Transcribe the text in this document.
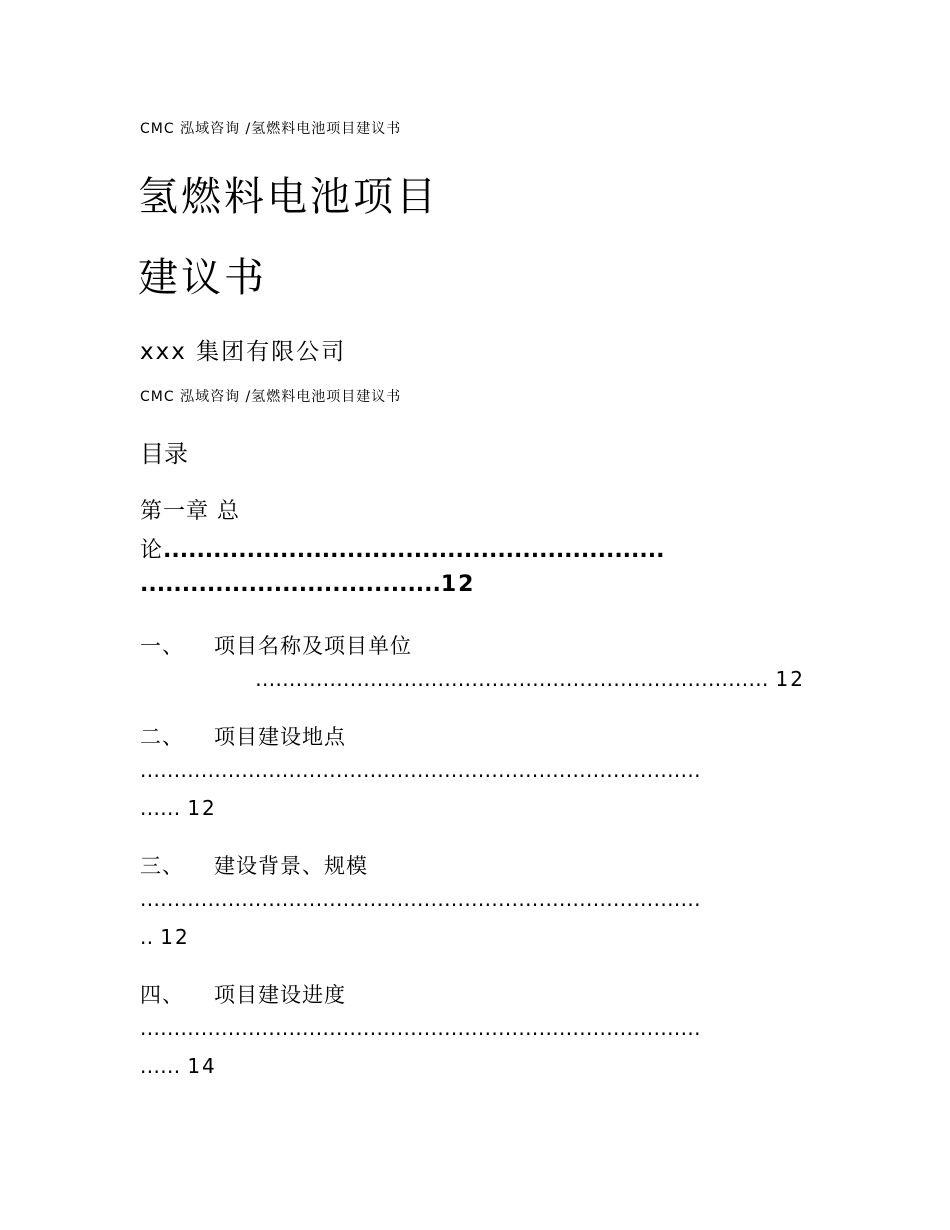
CMC 泓域咨询 /氢燃料电池项目建议书

氢燃料电池项目
建议书

xxx 集团有限公司

CMC 泓域咨询 /氢燃料电池项目建议书

目录
第一章 总
论............................................................
....................................12
一、 项目名称及项目单位
............................................................................ 12
二、 项目建设地点
...................................................................................
...... 12
三、 建设背景、规模
...................................................................................
.. 12
四、 项目建设进度
...................................................................................
...... 14
